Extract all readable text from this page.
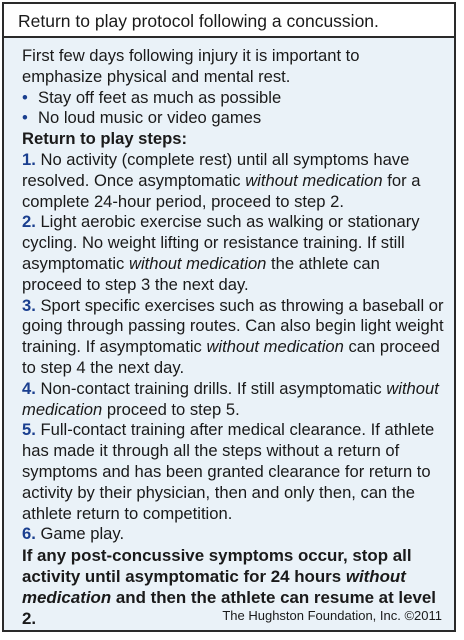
Return to play protocol following a concussion.

First few days following injury it is important to emphasize physical and mental rest.

• Stay off feet as much as possible
• No loud music or video games

Return to play steps:

1. No activity (complete rest) until all symptoms have resolved. Once asymptomatic without medication for a complete 24-hour period, proceed to step 2.

2. Light aerobic exercise such as walking or stationary cycling. No weight lifting or resistance training. If still asymptomatic without medication the athlete can proceed to step 3 the next day.

3. Sport specific exercises such as throwing a baseball or going through passing routes. Can also begin light weight training. If asymptomatic without medication can proceed to step 4 the next day.

4. Non-contact training drills. If still asymptomatic without medication proceed to step 5.

5. Full-contact training after medical clearance. If athlete has made it through all the steps without a return of symptoms and has been granted clearance for return to activity by their physician, then and only then, can the athlete return to competition.

6. Game play.

If any post-concussive symptoms occur, stop all activity until asymptomatic for 24 hours without medication and then the athlete can resume at level 2.	The Hughston Foundation, Inc. ©2011
